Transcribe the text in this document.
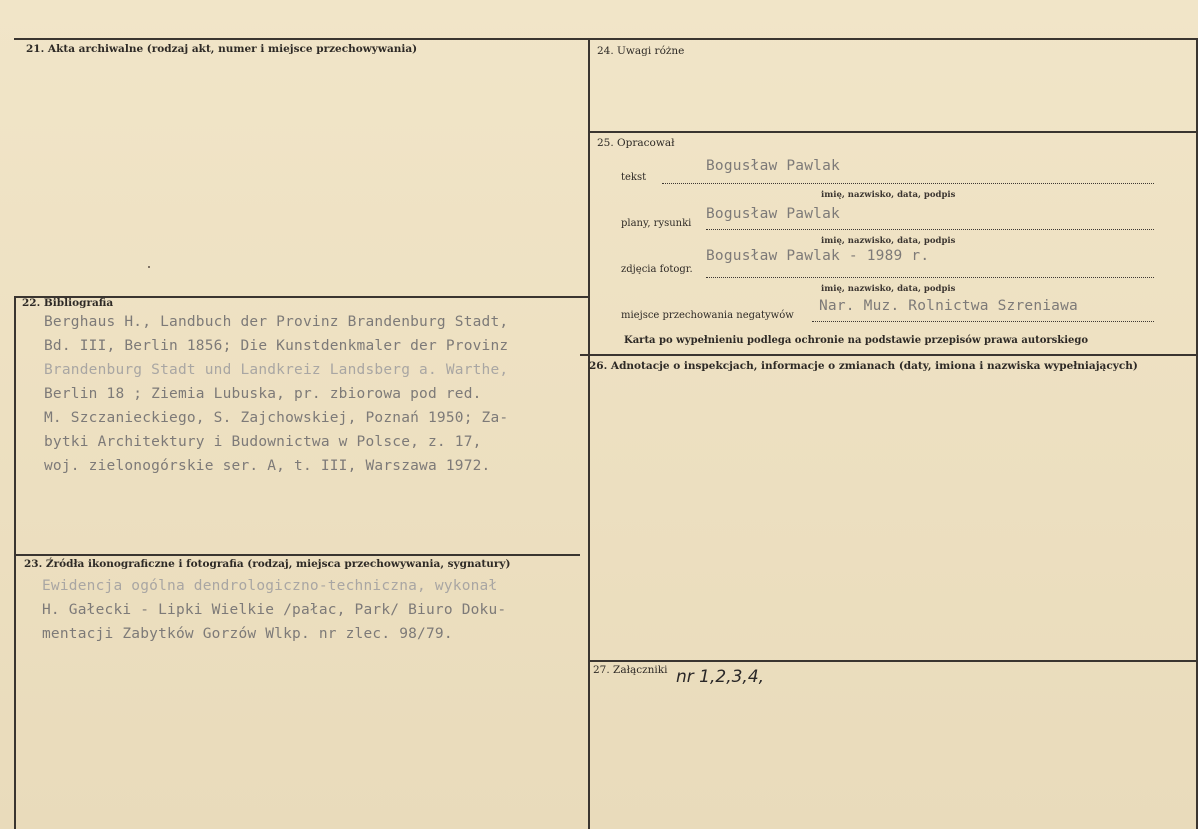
21. Akta archiwalne (rodzaj akt, numer i miejsce przechowywania)
22. Bibliografia

Berghaus H., Landbuch der Provinz Brandenburg Stadt,

Bd. III, Berlin 1856; Die Kunstdenkmaler der Provinz

Brandenburg Stadt und Landkreiz Landsberg a. Warthe,

Berlin 18 ; Ziemia Lubuska, pr. zbiorowa pod red.

M. Szczanieckiego, S. Zajchowskiej, Poznań 1950; Za-

bytki Architektury i Budownictwa w Polsce, z. 17,

woj. zielonogórskie ser. A, t. III, Warszawa 1972.

23. Źródła ikonograficzne i fotografia (rodzaj, miejsca przechowywania, sygnatury)

Ewidencja ogólna dendrologiczno-techniczna, wykonał

H. Gałecki - Lipki Wielkie /pałac, Park/ Biuro Doku-

mentacji Zabytków Gorzów Wlkp. nr zlec. 98/79.

24. Uwagi różne
25. Opracował
tekst
Bogusław Pawlak
imię, nazwisko, data, podpis
plany, rysunki
Bogusław Pawlak
imię, nazwisko, data, podpis
zdjęcia fotogr.
Bogusław Pawlak - 1989 r.
imię, nazwisko, data, podpis
miejsce przechowania negatywów
Nar. Muz. Rolnictwa Szreniawa
Karta po wypełnieniu podlega ochronie na podstawie przepisów prawa autorskiego
26. Adnotacje o inspekcjach, informacje o zmianach (daty, imiona i nazwiska wypełniających)
27. Załączniki nr 1,2,3,4,
